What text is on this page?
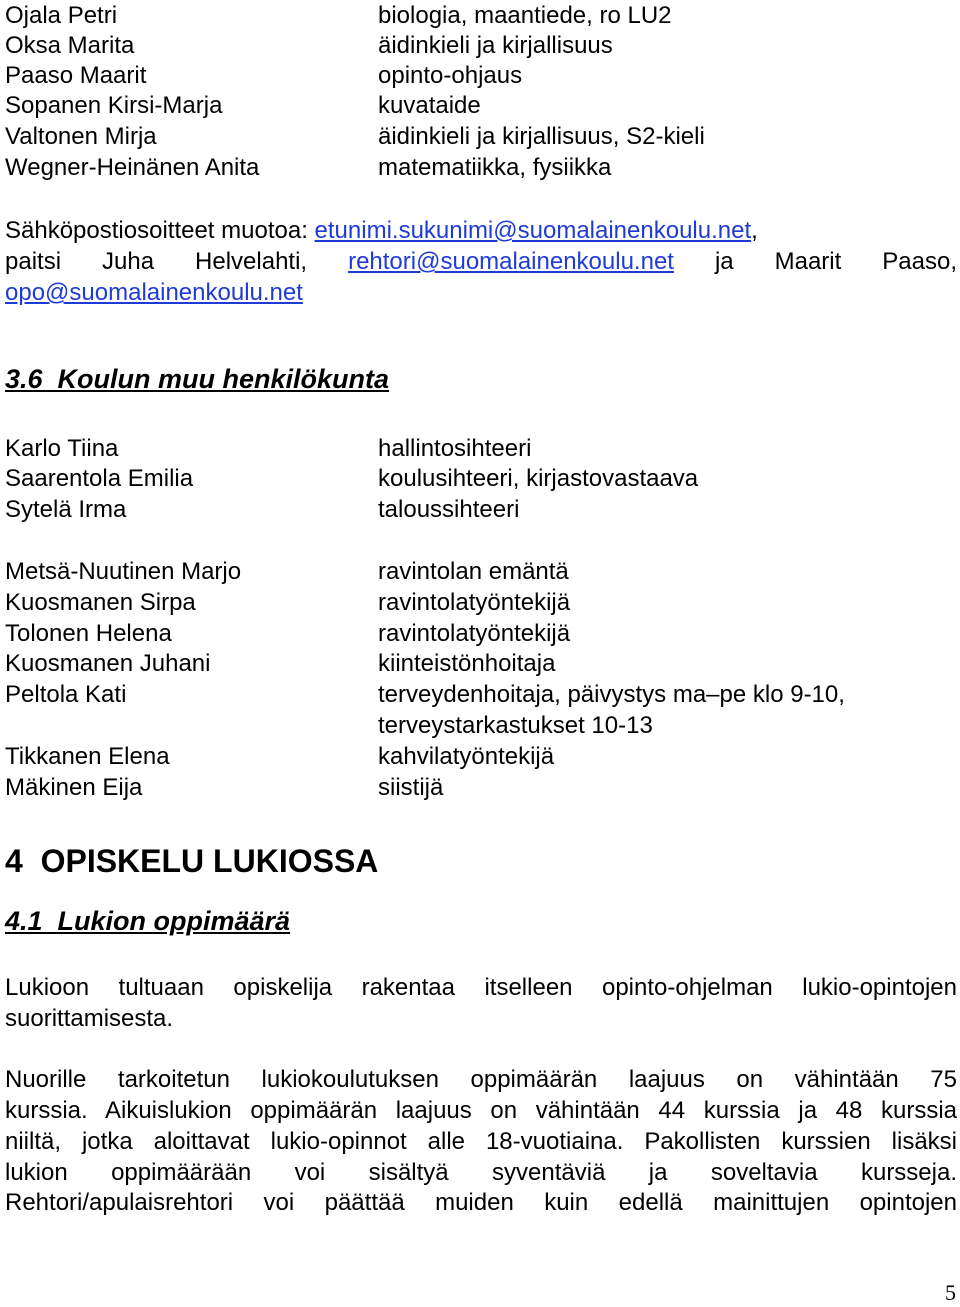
Ojala Petri	biologia, maantiede, ro LU2
Oksa Marita	äidinkieli ja kirjallisuus
Paaso Maarit	opinto-ohjaus
Sopanen Kirsi-Marja	kuvataide
Valtonen Mirja	äidinkieli ja kirjallisuus, S2-kieli
Wegner-Heinänen Anita	matematiikka, fysiikka
Sähköpostiosoitteet muotoa: etunimi.sukunimi@suomalainenkoulu.net,
paitsi Juha Helvelahti, rehtori@suomalainenkoulu.net ja Maarit Paaso,
opo@suomalainenkoulu.net
3.6  Koulun muu henkilökunta
Karlo Tiina	hallintosihteeri
Saarentola Emilia	koulusihteeri, kirjastovastaava
Sytelä Irma	taloussihteeri
Metsä-Nuutinen Marjo	ravintolan emäntä
Kuosmanen Sirpa	ravintolatyöntekijä
Tolonen Helena	ravintolatyöntekijä
Kuosmanen Juhani	kiinteistönhoitaja
Peltola Kati	terveydenhoitaja, päivystys ma–pe klo 9-10,
terveystarkastukset 10-13
Tikkanen Elena	kahvilatyöntekijä
Mäkinen Eija	siistijä
4  OPISKELU LUKIOSSA
4.1  Lukion oppimäärä
Lukioon tultuaan opiskelija rakentaa itselleen opinto-ohjelman lukio-opintojen
suorittamisesta.
Nuorille tarkoitetun lukiokoulutuksen oppimäärän laajuus on vähintään 75
kurssia. Aikuislukion oppimäärän laajuus on vähintään 44 kurssia ja 48 kurssia
niiltä, jotka aloittavat lukio-opinnot alle 18-vuotiaina. Pakollisten kurssien lisäksi
lukion oppimäärään voi sisältyä syventäviä ja soveltavia kursseja.
Rehtori/apulaisrehtori voi päättää muiden kuin edellä mainittujen opintojen
5
